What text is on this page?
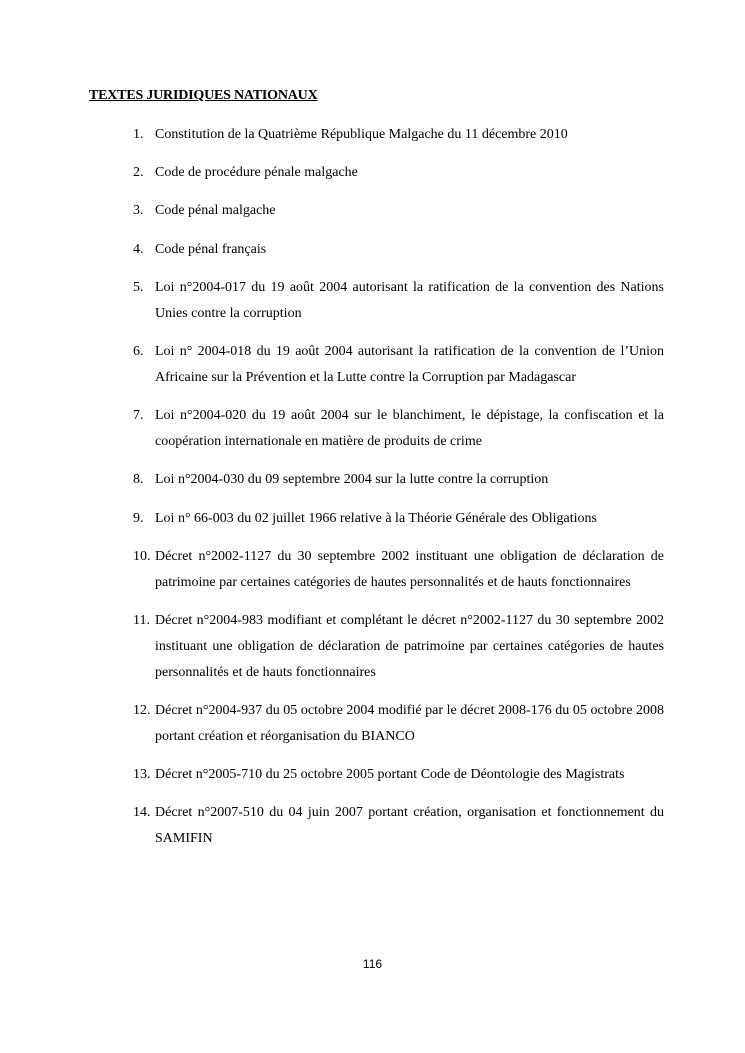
TEXTES JURIDIQUES NATIONAUX
1. Constitution de la Quatrième République Malgache du 11 décembre 2010
2. Code de procédure pénale malgache
3. Code pénal malgache
4. Code pénal français
5. Loi n°2004-017 du 19 août 2004 autorisant la ratification de la convention des Nations Unies contre la corruption
6. Loi n° 2004-018 du 19 août 2004 autorisant la ratification de la convention de l’Union Africaine sur la Prévention et la Lutte contre la Corruption par Madagascar
7. Loi n°2004-020 du 19 août 2004 sur le blanchiment, le dépistage, la confiscation et la coopération internationale en matière de produits de crime
8. Loi n°2004-030 du 09 septembre 2004 sur la lutte contre la corruption
9. Loi n° 66-003 du 02 juillet 1966 relative à la Théorie Générale des Obligations
10. Décret n°2002-1127 du 30 septembre 2002 instituant une obligation de déclaration de patrimoine par certaines catégories de hautes personnalités et de hauts fonctionnaires
11. Décret n°2004-983 modifiant et complétant le décret n°2002-1127 du 30 septembre 2002 instituant une obligation de déclaration de patrimoine par certaines catégories de hautes personnalités et de hauts fonctionnaires
12. Décret n°2004-937 du 05 octobre 2004 modifié par le décret 2008-176 du 05 octobre 2008 portant création et réorganisation du BIANCO
13. Décret n°2005-710 du 25 octobre 2005 portant Code de Déontologie des Magistrats
14. Décret n°2007-510 du 04 juin 2007 portant création, organisation et fonctionnement du SAMIFIN
116
